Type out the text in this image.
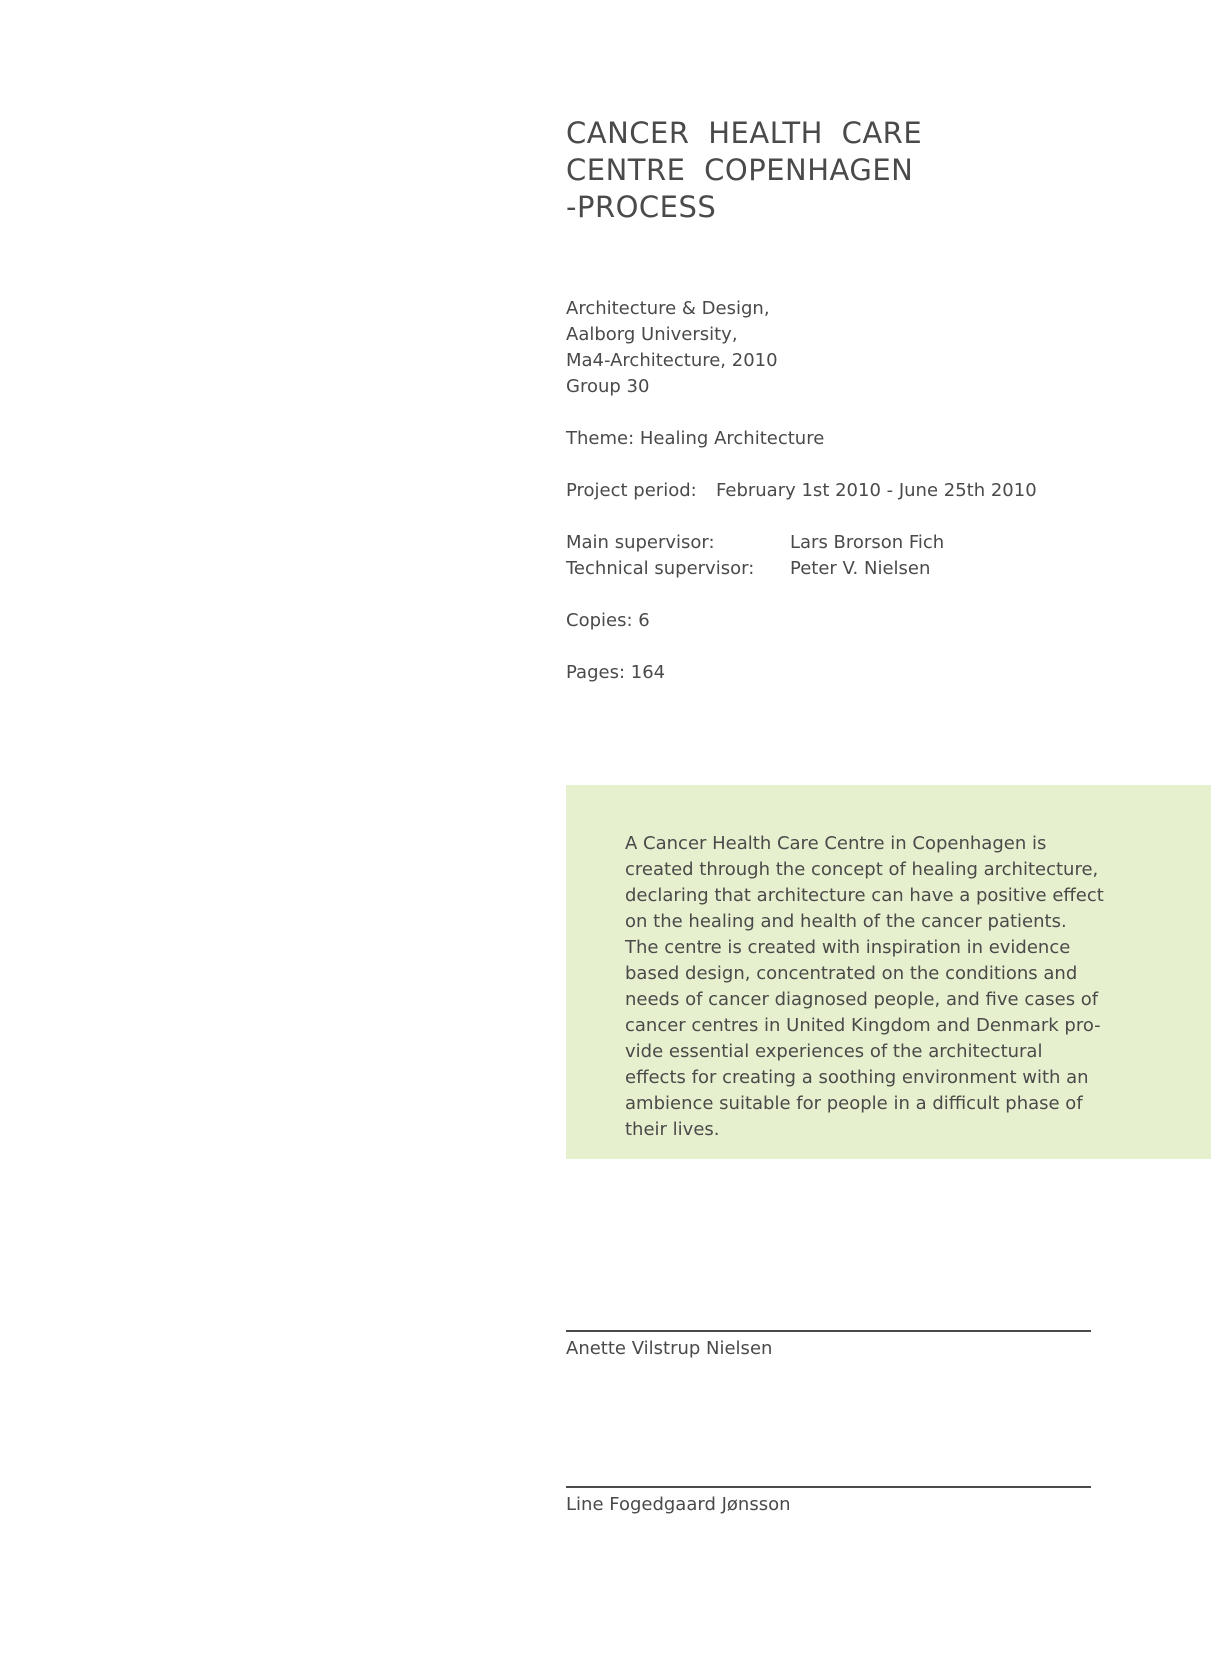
CANCER HEALTH CARE
CENTRE COPENHAGEN
-PROCESS
Architecture & Design,
Aalborg University,
Ma4-Architecture, 2010
Group 30
Theme: Healing Architecture
Project period: February 1st 2010 - June 25th 2010
Main supervisor:	Lars Brorson Fich
Technical supervisor: Peter V. Nielsen
Copies: 6
Pages: 164

A Cancer Health Care Centre in Copenhagen is created through the concept of healing architecture, declaring that architecture can have a positive effect on the healing and health of the cancer patients.

The centre is created with inspiration in evidence based design, concentrated on the conditions and needs of cancer diagnosed people, and five cases of cancer centres in United Kingdom and Denmark pro-vide essential experiences of the architectural effects for creating a soothing environment with an ambience suitable for people in a difficult phase of their lives.

Anette Vilstrup Nielsen
Line Fogedgaard Jønsson
